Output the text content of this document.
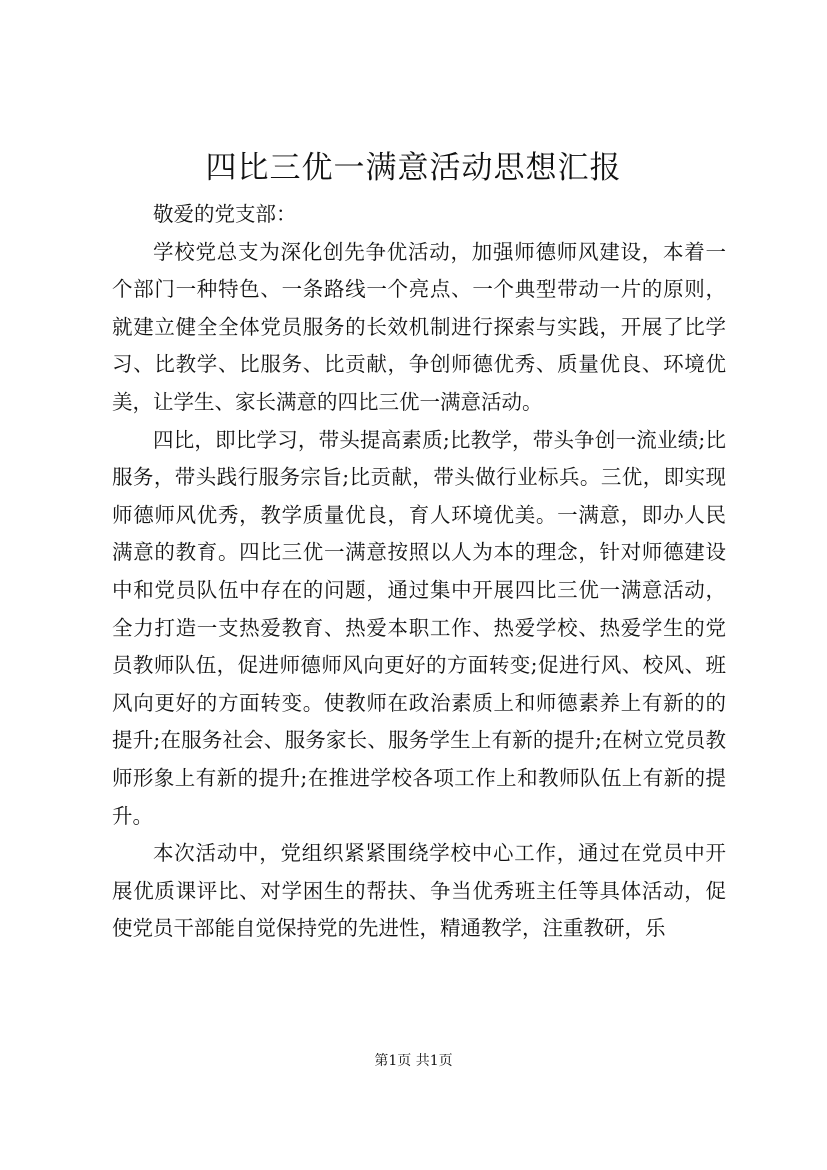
四比三优一满意活动思想汇报

敬爱的党支部：

学校党总支为深化创先争优活动，加强师德师风建设，本着一个部门一种特色、一条路线一个亮点、一个典型带动一片的原则，就建立健全全体党员服务的长效机制进行探索与实践，开展了比学习、比教学、比服务、比贡献，争创师德优秀、质量优良、环境优美，让学生、家长满意的四比三优一满意活动。

四比，即比学习，带头提高素质;比教学，带头争创一流业绩;比服务，带头践行服务宗旨;比贡献，带头做行业标兵。三优，即实现师德师风优秀，教学质量优良，育人环境优美。一满意，即办人民满意的教育。四比三优一满意按照以人为本的理念，针对师德建设中和党员队伍中存在的问题，通过集中开展四比三优一满意活动，全力打造一支热爱教育、热爱本职工作、热爱学校、热爱学生的党员教师队伍，促进师德师风向更好的方面转变;促进行风、校风、班风向更好的方面转变。使教师在政治素质上和师德素养上有新的的提升;在服务社会、服务家长、服务学生上有新的提升;在树立党员教师形象上有新的提升;在推进学校各项工作上和教师队伍上有新的提升。

本次活动中，党组织紧紧围绕学校中心工作，通过在党员中开展优质课评比、对学困生的帮扶、争当优秀班主任等具体活动，促使党员干部能自觉保持党的先进性，精通教学，注重教研，乐

第1页 共1页
